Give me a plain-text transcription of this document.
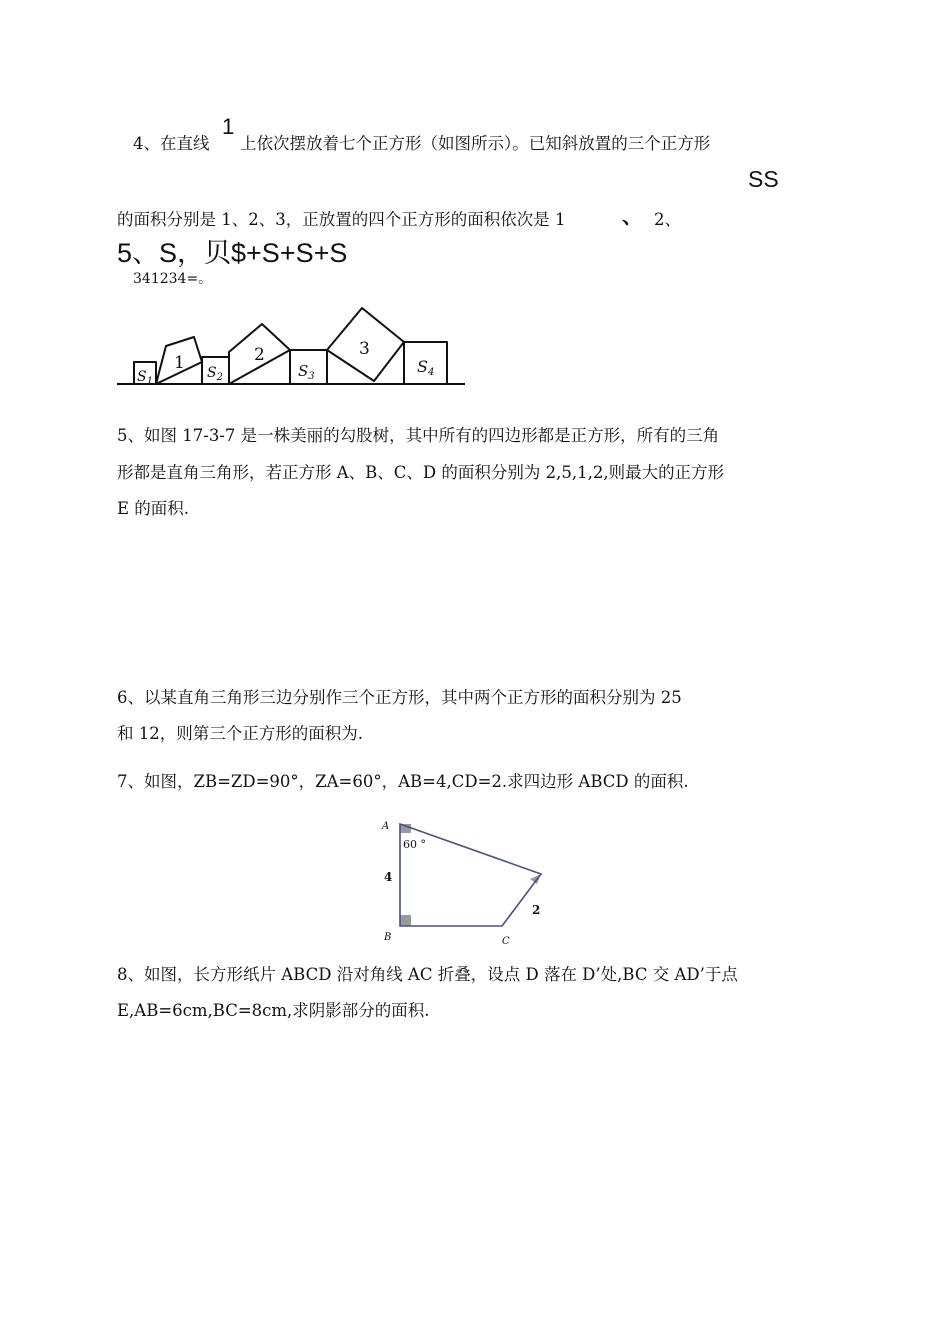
4、在直线
1
上依次摆放着七个正方形（如图所示）。已知斜放置的三个正方形
SS
的面积分别是 1、2、3，正放置的四个正方形的面积依次是 1	、 2、
5、S，贝$+S+S+S
341234=。
1	2	3
$S_1$
$S_2$	$S_3$
S4
5、如图 17-3-7 是一株美丽的勾股树，其中所有的四边形都是正方形，所有的三角
形都是直角三角形，若正方形 A、B、C、D 的面积分别为 2,5,1,2,则最大的正方形
E 的面积.
6、以某直角三角形三边分别作三个正方形，其中两个正方形的面积分别为 25
和 12，则第三个正方形的面积为.
7、如图，ZB=ZD=90°，ZA=60°，AB=4,CD=2.求四边形 ABCD 的面积.
A
60 °
4
B	C
2
8、如图，长方形纸片 ABCD 沿对角线 AC 折叠，设点 D 落在 D’处,BC 交 AD’于点
E,AB=6cm,BC=8cm,求阴影部分的面积.
